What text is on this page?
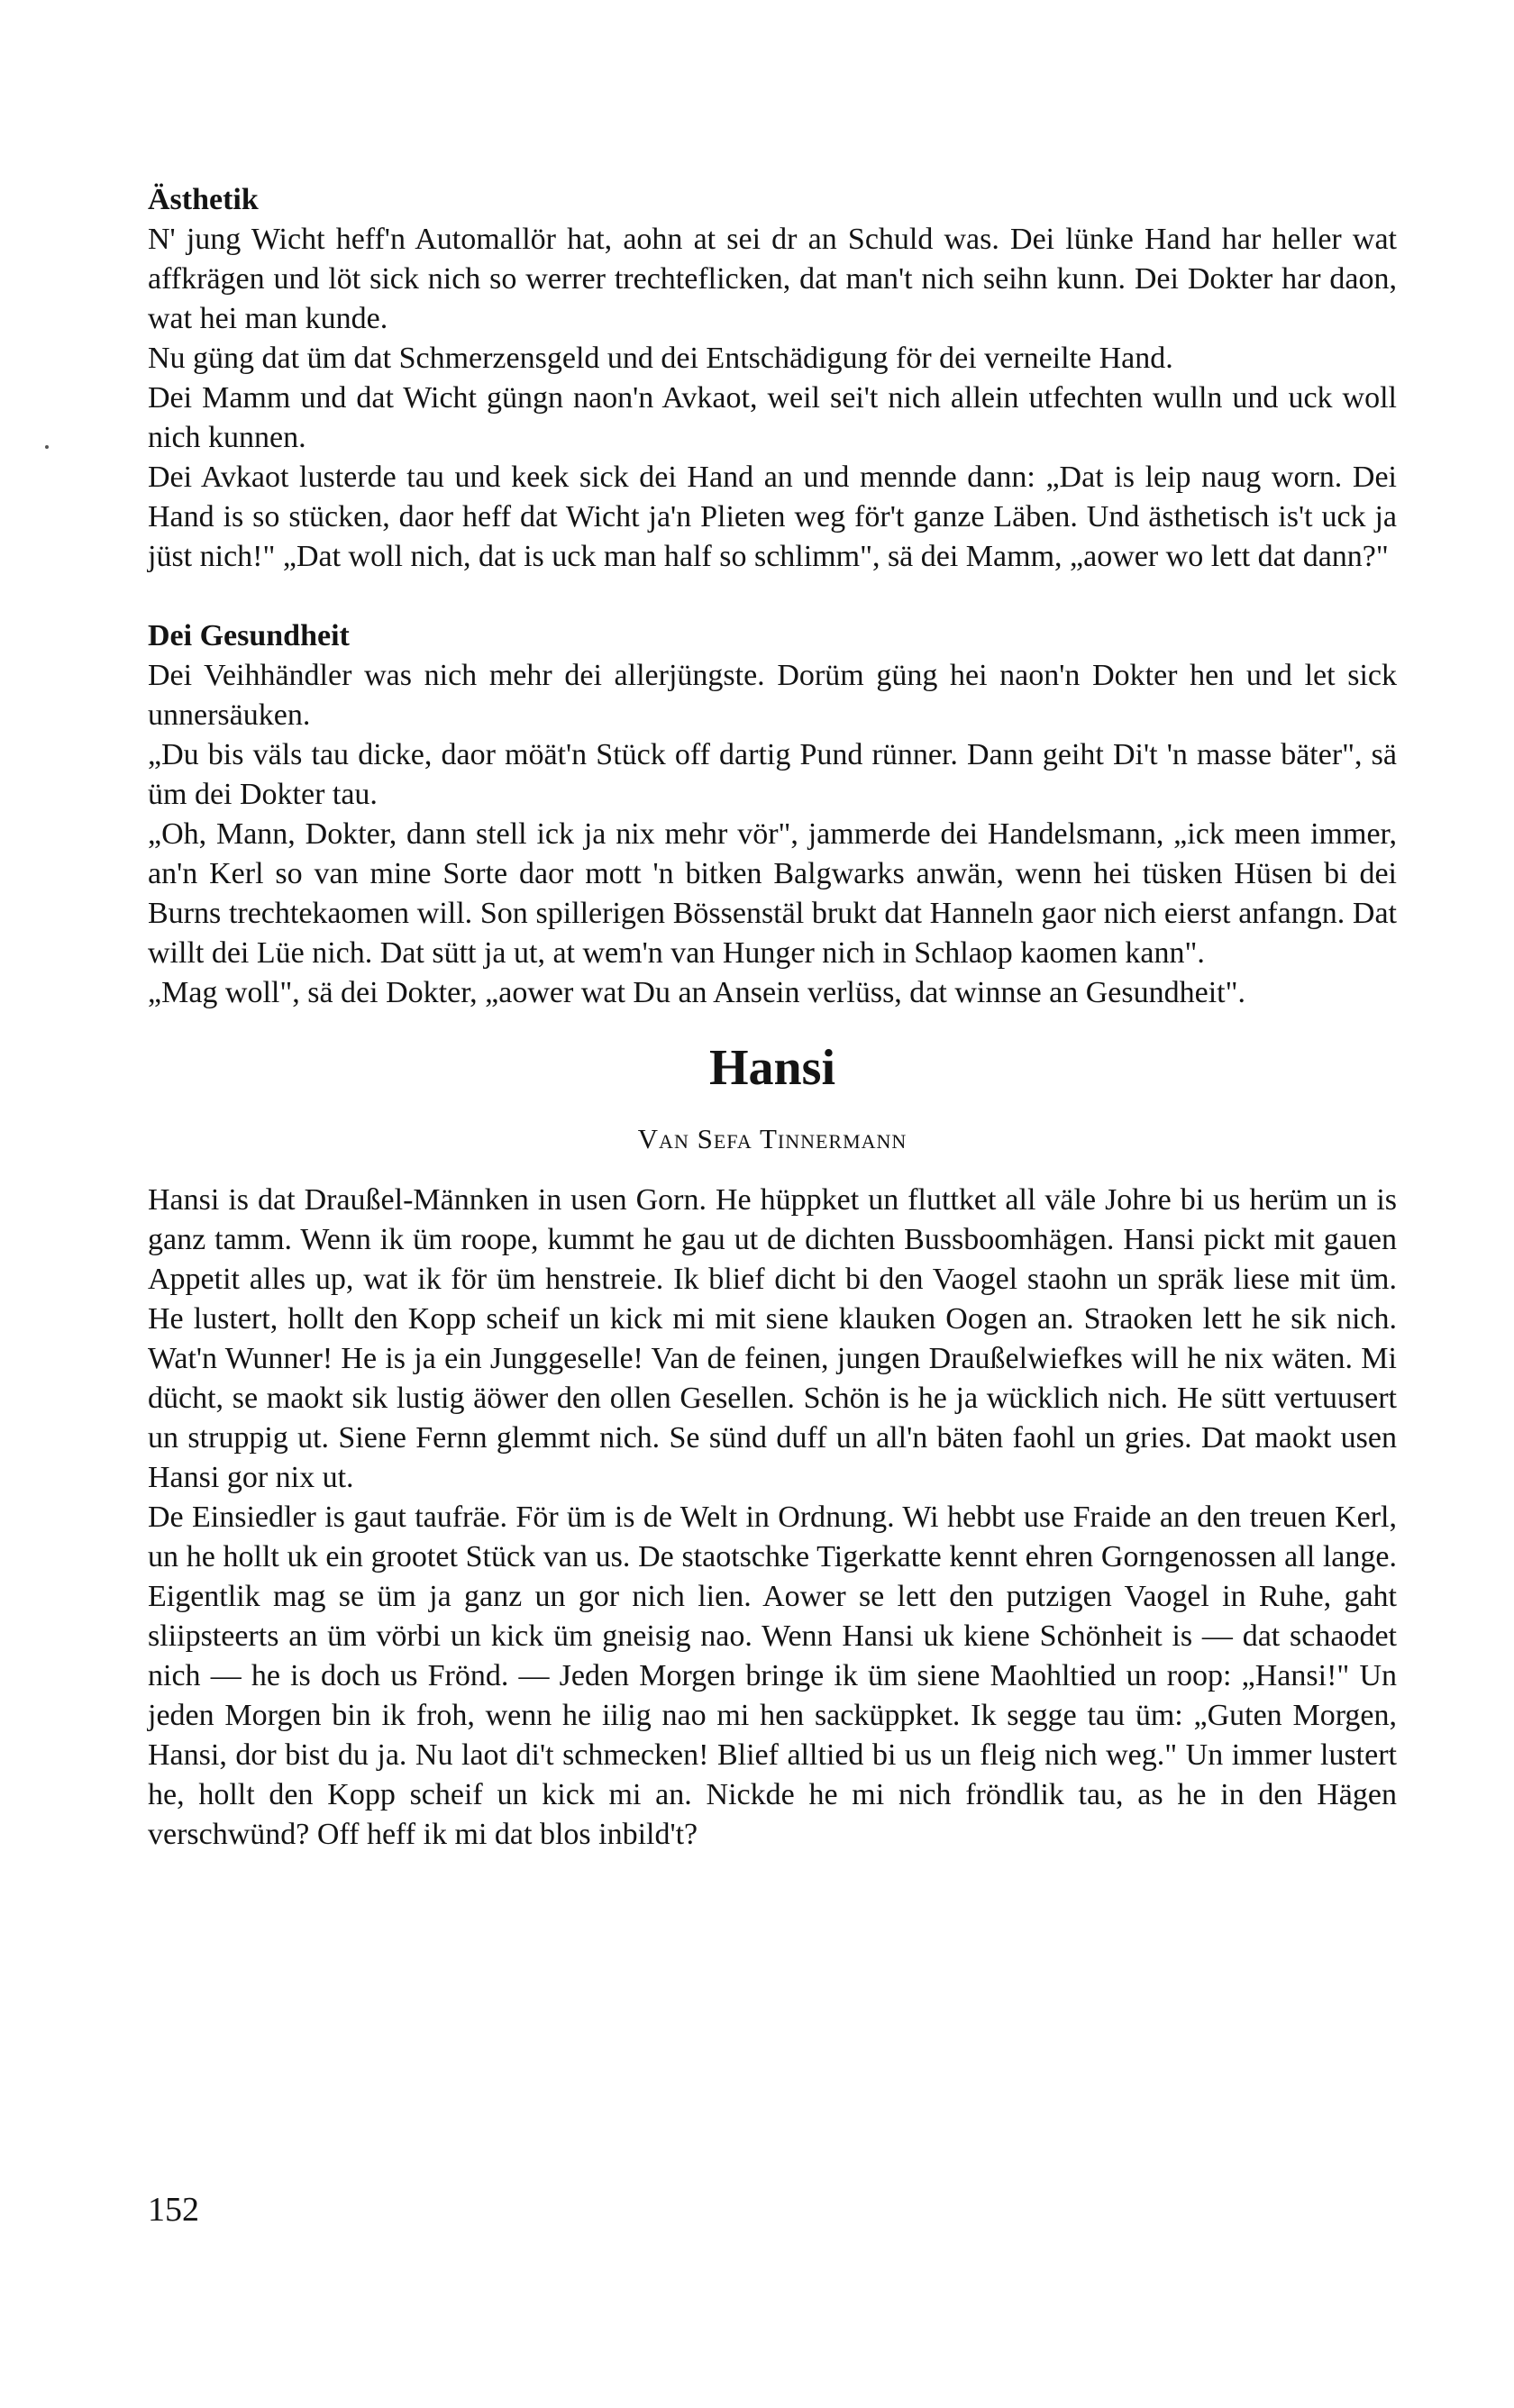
Ästhetik

N' jung Wicht heff'n Automallör hat, aohn at sei dr an Schuld was. Dei lünke Hand har heller wat affkrägen und löt sick nich so werrer trechteflicken, dat man't nich seihn kunn. Dei Dokter har daon, wat hei man kunde.

Nu güng dat üm dat Schmerzensgeld und dei Entschädigung för dei verneilte Hand.

Dei Mamm und dat Wicht güngn naon'n Avkaot, weil sei't nich allein utfechten wulln und uck woll nich kunnen.

Dei Avkaot lusterde tau und keek sick dei Hand an und mennde dann: „Dat is leip naug worn. Dei Hand is so stücken, daor heff dat Wicht ja'n Plieten weg för't ganze Läben. Und ästhetisch is't uck ja jüst nich!" „Dat woll nich, dat is uck man half so schlimm", sä dei Mamm, „aower wo lett dat dann?"

Dei Gesundheit

Dei Veihhändler was nich mehr dei allerjüngste. Dorüm güng hei naon'n Dokter hen und let sick unnersäuken.

„Du bis väls tau dicke, daor möät'n Stück off dartig Pund rünner. Dann geiht Di't 'n masse bäter", sä üm dei Dokter tau.

„Oh, Mann, Dokter, dann stell ick ja nix mehr vör", jammerde dei Handelsmann, „ick meen immer, an'n Kerl so van mine Sorte daor mott 'n bitken Balgwarks anwän, wenn hei tüsken Hüsen bi dei Burns trechtekaomen will. Son spillerigen Bössenstäl brukt dat Hanneln gaor nich eierst anfangn. Dat willt dei Lüe nich. Dat sütt ja ut, at wem'n van Hunger nich in Schlaop kaomen kann".

„Mag woll", sä dei Dokter, „aower wat Du an Ansein verlüss, dat winnse an Gesundheit".

Hansi
Van Sefa Tinnermann

Hansi is dat Draußel-Männken in usen Gorn. He hüppket un fluttket all väle Johre bi us herüm un is ganz tamm. Wenn ik üm roope, kummt he gau ut de dichten Bussboomhägen. Hansi pickt mit gauen Appetit alles up, wat ik för üm henstreie. Ik blief dicht bi den Vaogel staohn un spräk liese mit üm. He lustert, hollt den Kopp scheif un kick mi mit siene klauken Oogen an. Straoken lett he sik nich. Wat'n Wunner! He is ja ein Junggeselle! Van de feinen, jungen Draußelwiefkes will he nix wäten. Mi dücht, se maokt sik lustig äöwer den ollen Gesellen. Schön is he ja wücklich nich. He sütt vertuusert un struppig ut. Siene Fernn glemmt nich. Se sünd duff un all'n bäten faohl un gries. Dat maokt usen Hansi gor nix ut.

De Einsiedler is gaut taufräe. För üm is de Welt in Ordnung. Wi hebbt use Fraide an den treuen Kerl, un he hollt uk ein grootet Stück van us. De staotschke Tigerkatte kennt ehren Gorngenossen all lange. Eigentlik mag se üm ja ganz un gor nich lien. Aower se lett den putzigen Vaogel in Ruhe, gaht sliipsteerts an üm vörbi un kick üm gneisig nao. Wenn Hansi uk kiene Schönheit is — dat schaodet nich — he is doch us Frönd. — Jeden Morgen bringe ik üm siene Maohltied un roop: „Hansi!" Un jeden Morgen bin ik froh, wenn he iilig nao mi hen sacküppket. Ik segge tau üm: „Guten Morgen, Hansi, dor bist du ja. Nu laot di't schmecken! Blief alltied bi us un fleig nich weg." Un immer lustert he, hollt den Kopp scheif un kick mi an. Nickde he mi nich fröndlik tau, as he in den Hägen verschwünd? Off heff ik mi dat blos inbild't?

152
